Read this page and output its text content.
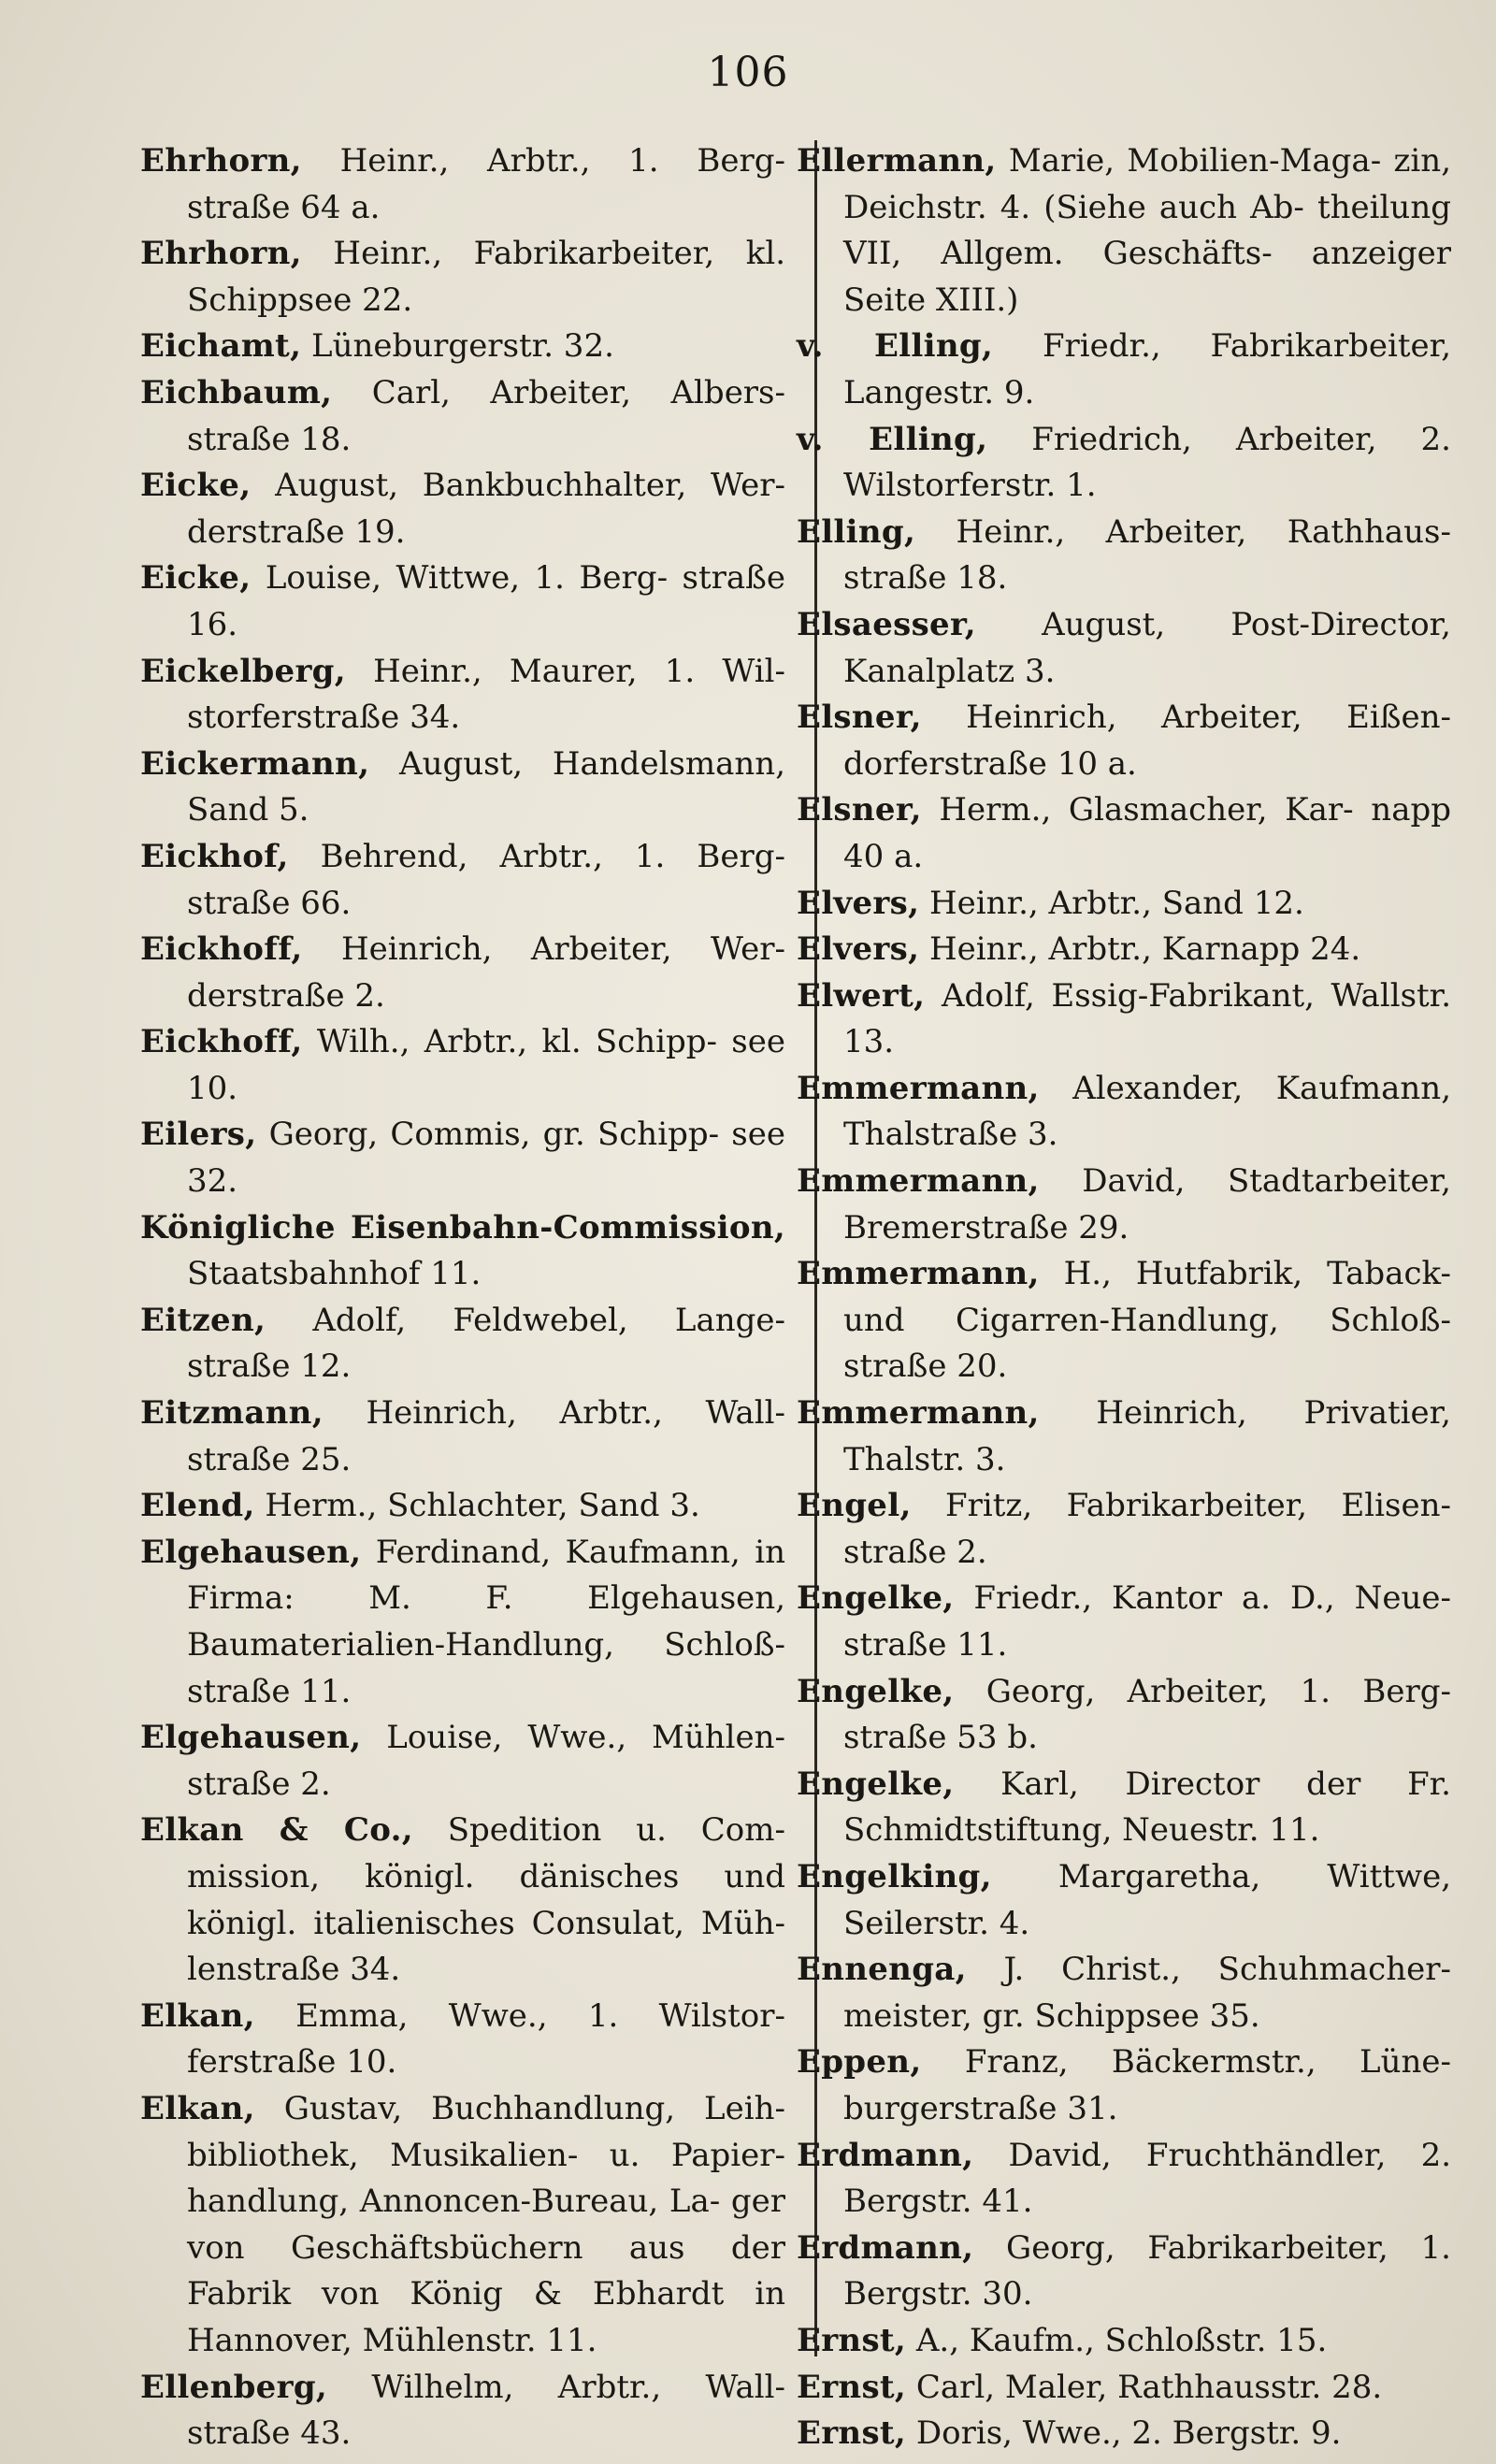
106

Ehrhorn, Heinr., Arbtr., 1. Berg- straße 64 a.

Ehrhorn, Heinr., Fabrikarbeiter, kl. Schippsee 22.

Eichamt, Lüneburgerstr. 32.

Eichbaum, Carl, Arbeiter, Albers- straße 18.

Eicke, August, Bankbuchhalter, Wer- derstraße 19.

Eicke, Louise, Wittwe, 1. Berg- straße 16.

Eickelberg, Heinr., Maurer, 1. Wil- storferstraße 34.

Eickermann, August, Handelsmann, Sand 5.

Eickhof, Behrend, Arbtr., 1. Berg- straße 66.

Eickhoff, Heinrich, Arbeiter, Wer- derstraße 2.

Eickhoff, Wilh., Arbtr., kl. Schipp- see 10.

Eilers, Georg, Commis, gr. Schipp- see 32.

Königliche Eisenbahn-Commission, Staatsbahnhof 11.

Eitzen, Adolf, Feldwebel, Lange- straße 12.

Eitzmann, Heinrich, Arbtr., Wall- straße 25.

Elend, Herm., Schlachter, Sand 3.

Elgehausen, Ferdinand, Kaufmann, in Firma: M. F. Elgehausen, Baumaterialien-Handlung, Schloß- straße 11.

Elgehausen, Louise, Wwe., Mühlen- straße 2.

Elkan & Co., Spedition u. Com- mission, königl. dänisches und königl. italienisches Consulat, Müh- lenstraße 34.

Elkan, Emma, Wwe., 1. Wilstor- ferstraße 10.

Elkan, Gustav, Buchhandlung, Leih- bibliothek, Musikalien- u. Papier- handlung, Annoncen-Bureau, La- ger von Geschäftsbüchern aus der Fabrik von König & Ebhardt in Hannover, Mühlenstr. 11.

Ellenberg, Wilhelm, Arbtr., Wall- straße 43.

Ellermann, Marie, Mobilien-Maga- zin, Deichstr. 4. (Siehe auch Ab- theilung VII, Allgem. Geschäfts- anzeiger Seite XIII.)

v. Elling, Friedr., Fabrikarbeiter, Langestr. 9.

v. Elling, Friedrich, Arbeiter, 2. Wilstorferstr. 1.

Elling, Heinr., Arbeiter, Rathhaus- straße 18.

Elsaesser, August, Post-Director, Kanalplatz 3.

Elsner, Heinrich, Arbeiter, Eißen- dorferstraße 10 a.

Elsner, Herm., Glasmacher, Kar- napp 40 a.

Elvers, Heinr., Arbtr., Sand 12.

Elvers, Heinr., Arbtr., Karnapp 24.

Elwert, Adolf, Essig-Fabrikant, Wallstr. 13.

Emmermann, Alexander, Kaufmann, Thalstraße 3.

Emmermann, David, Stadtarbeiter, Bremerstraße 29.

Emmermann, H., Hutfabrik, Taback- und Cigarren-Handlung, Schloß- straße 20.

Emmermann, Heinrich, Privatier, Thalstr. 3.

Engel, Fritz, Fabrikarbeiter, Elisen- straße 2.

Engelke, Friedr., Kantor a. D., Neue- straße 11.

Engelke, Georg, Arbeiter, 1. Berg- straße 53 b.

Engelke, Karl, Director der Fr. Schmidtstiftung, Neuestr. 11.

Engelking, Margaretha, Wittwe, Seilerstr. 4.

Ennenga, J. Christ., Schuhmacher- meister, gr. Schippsee 35.

Eppen, Franz, Bäckermstr., Lüne- burgerstraße 31.

Erdmann, David, Fruchthändler, 2. Bergstr. 41.

Erdmann, Georg, Fabrikarbeiter, 1. Bergstr. 30.

Ernst, A., Kaufm., Schloßstr. 15.

Ernst, Carl, Maler, Rathhausstr. 28.

Ernst, Doris, Wwe., 2. Bergstr. 9.
